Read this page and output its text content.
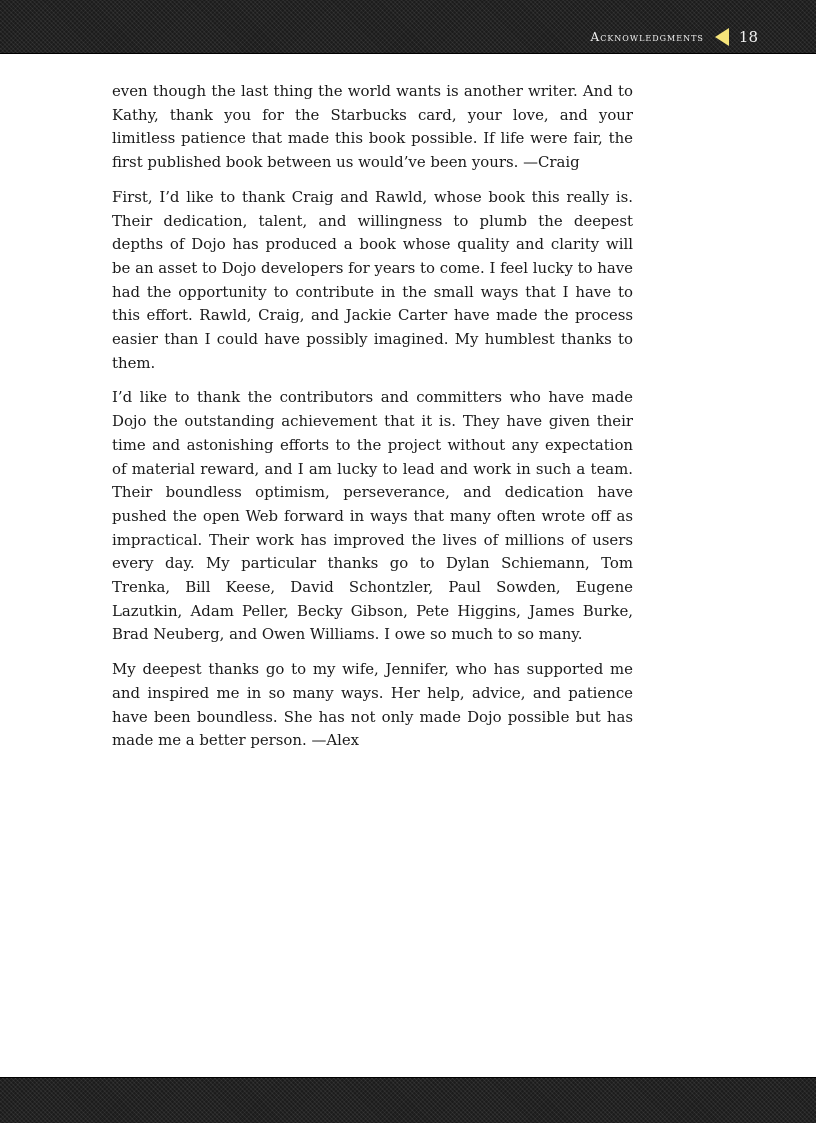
Acknowledgments 18

even though the last thing the world wants is another writer. And to Kathy, thank you for the Starbucks card, your love, and your limitless patience that made this book possible. If life were fair, the first published book between us would’ve been yours. —Craig

First, I’d like to thank Craig and Rawld, whose book this really is. Their dedication, talent, and willingness to plumb the deepest depths of Dojo has produced a book whose quality and clarity will be an asset to Dojo developers for years to come. I feel lucky to have had the opportunity to contribute in the small ways that I have to this effort. Rawld, Craig, and Jackie Carter have made the process easier than I could have possibly imagined. My humblest thanks to them.

I’d like to thank the contributors and committers who have made Dojo the outstanding achievement that it is. They have given their time and astonishing efforts to the project without any expectation of material reward, and I am lucky to lead and work in such a team. Their boundless optimism, perseverance, and dedication have pushed the open Web forward in ways that many often wrote off as impractical. Their work has improved the lives of millions of users every day. My particular thanks go to Dylan Schiemann, Tom Trenka, Bill Keese, David Schontzler, Paul Sowden, Eugene Lazutkin, Adam Peller, Becky Gibson, Pete Higgins, James Burke, Brad Neuberg, and Owen Williams. I owe so much to so many.

My deepest thanks go to my wife, Jennifer, who has supported me and inspired me in so many ways. Her help, advice, and patience have been boundless. She has not only made Dojo possible but has made me a better person. —Alex
